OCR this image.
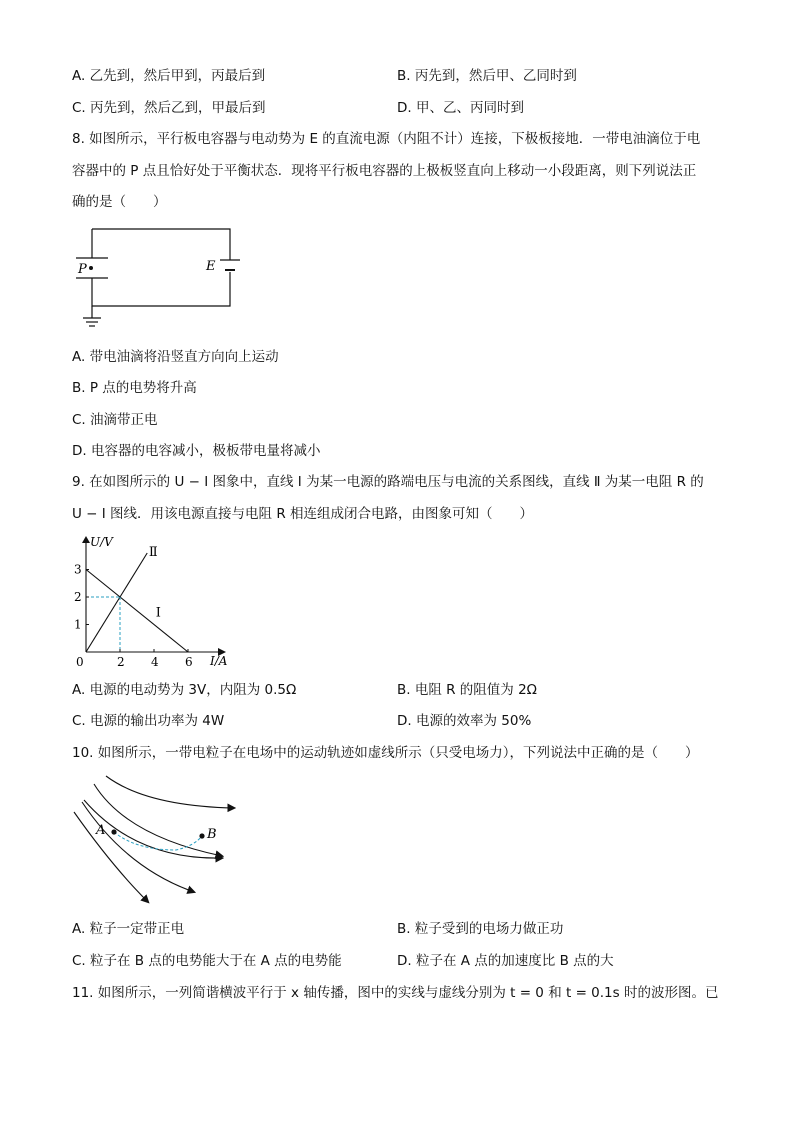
A. 乙先到，然后甲到，丙最后到	B. 丙先到，然后甲、乙同时到
C. 丙先到，然后乙到，甲最后到	D. 甲、乙、丙同时到
8. 如图所示，平行板电容器与电动势为 E 的直流电源（内阻不计）连接，下极板接地．一带电油滴位于电
容器中的 P 点且恰好处于平衡状态．现将平行板电容器的上极板竖直向上移动一小段距离，则下列说法正
确的是（　　）
P	E
A. 带电油滴将沿竖直方向向上运动
B. P 点的电势将升高
C. 油滴带正电
D. 电容器的电容减小，极板带电量将减小
9. 在如图所示的 U − I 图象中，直线 Ⅰ 为某一电源的路端电压与电流的关系图线，直线 Ⅱ 为某一电阻 R 的
U − I 图线．用该电源直接与电阻 R 相连组成闭合电路，由图象可知（　　）
0	2 4 6
1
2
3
Ⅰ
Ⅱ
U/V
I/A
A. 电源的电动势为 3V，内阻为 0.5Ω	B. 电阻 R 的阻值为 2Ω
C. 电源的输出功率为 4W	D. 电源的效率为 50%
10. 如图所示，一带电粒子在电场中的运动轨迹如虚线所示（只受电场力），下列说法中正确的是（　　）
A	B
A. 粒子一定带正电	B. 粒子受到的电场力做正功
C. 粒子在 B 点的电势能大于在 A 点的电势能	D. 粒子在 A 点的加速度比 B 点的大
11. 如图所示，一列简谐横波平行于 x 轴传播，图中的实线与虚线分别为 t = 0 和 t = 0.1s 时的波形图。已
